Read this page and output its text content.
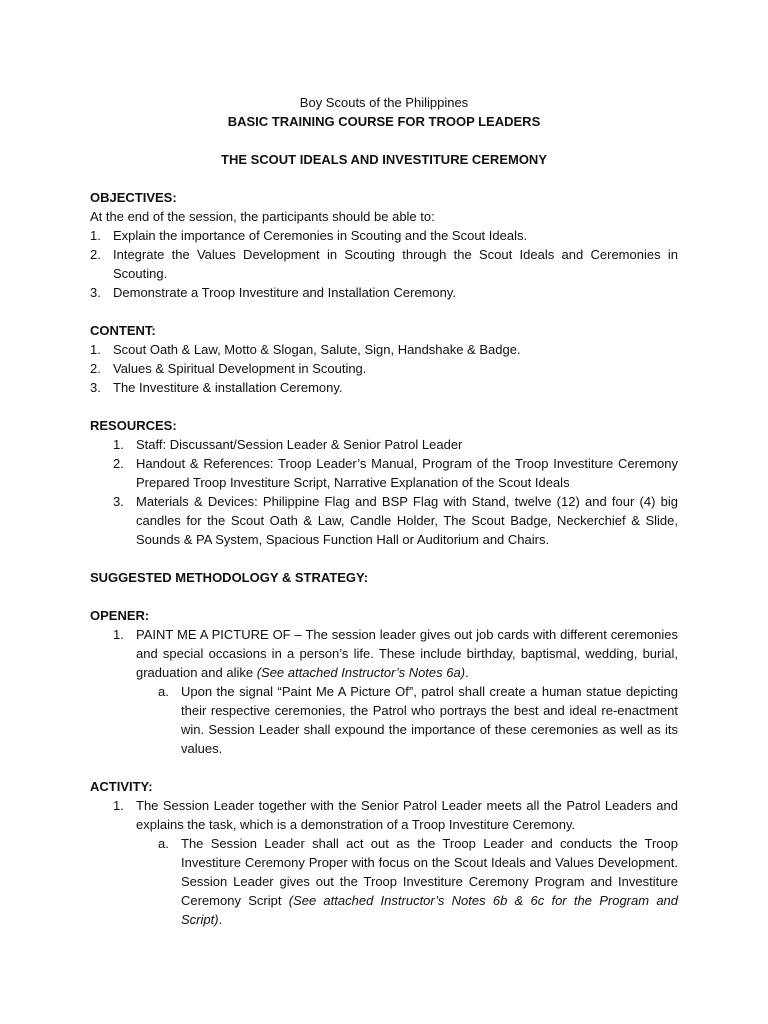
Boy Scouts of the Philippines

BASIC TRAINING COURSE FOR TROOP LEADERS

THE SCOUT IDEALS AND INVESTITURE CEREMONY

OBJECTIVES:

At the end of the session, the participants should be able to:

1. Explain the importance of Ceremonies in Scouting and the Scout Ideals.
2. Integrate the Values Development in Scouting through the Scout Ideals and Ceremonies in Scouting.
3. Demonstrate a Troop Investiture and Installation Ceremony.

CONTENT:

1. Scout Oath & Law, Motto & Slogan, Salute, Sign, Handshake & Badge.
2. Values & Spiritual Development in Scouting.
3. The Investiture & installation Ceremony.

RESOURCES:

1. Staff: Discussant/Session Leader & Senior Patrol Leader
2. Handout & References: Troop Leader’s Manual, Program of the Troop Investiture Ceremony Prepared Troop Investiture Script, Narrative Explanation of the Scout Ideals
3. Materials & Devices: Philippine Flag and BSP Flag with Stand, twelve (12) and four (4) big candles for the Scout Oath & Law, Candle Holder, The Scout Badge, Neckerchief & Slide, Sounds & PA System, Spacious Function Hall or Auditorium and Chairs.

SUGGESTED METHODOLOGY & STRATEGY:

OPENER:

1. PAINT ME A PICTURE OF – The session leader gives out job cards with different ceremonies and special occasions in a person’s life. These include birthday, baptismal, wedding, burial, graduation and alike (See attached Instructor’s Notes 6a).
a. Upon the signal “Paint Me A Picture Of”, patrol shall create a human statue depicting their respective ceremonies, the Patrol who portrays the best and ideal re-enactment win. Session Leader shall expound the importance of these ceremonies as well as its values.

ACTIVITY:

1. The Session Leader together with the Senior Patrol Leader meets all the Patrol Leaders and explains the task, which is a demonstration of a Troop Investiture Ceremony.
a. The Session Leader shall act out as the Troop Leader and conducts the Troop Investiture Ceremony Proper with focus on the Scout Ideals and Values Development. Session Leader gives out the Troop Investiture Ceremony Program and Investiture Ceremony Script (See attached Instructor’s Notes 6b & 6c for the Program and Script).
